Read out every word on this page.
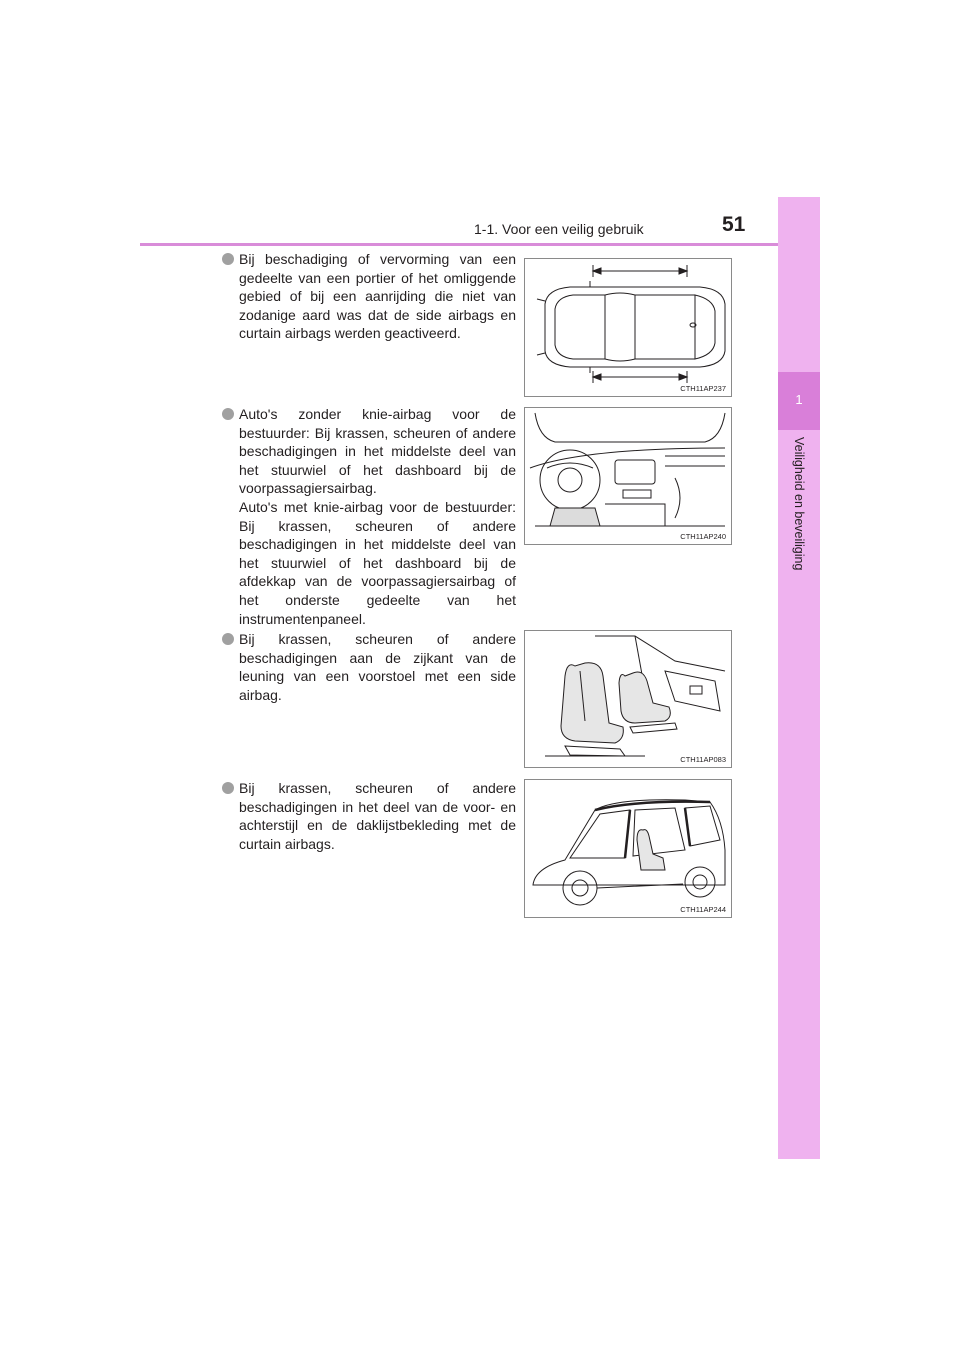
1-1. Voor een veilig gebruik	51
1
Veiligheid en beveiliging
Bij beschadiging of vervorming van een gedeelte van een portier of het omliggende gebied of bij een aanrijding die niet van zodanige aard was dat de side airbags en curtain airbags werden geactiveerd.
CTH11AP237
Auto's zonder knie-airbag voor de bestuurder: Bij krassen, scheuren of andere beschadigingen in het middelste deel van het stuurwiel of het dashboard bij de voorpassagiersairbag.
Auto's met knie-airbag voor de bestuurder: Bij krassen, scheuren of andere beschadigingen in het middelste deel van het stuurwiel of het dashboard bij de afdekkap van de voorpassagiersairbag of het onderste gedeelte van het instrumentenpaneel.
CTH11AP240
Bij krassen, scheuren of andere beschadigingen aan de zijkant van de leuning van een voorstoel met een side airbag.
CTH11AP083
Bij krassen, scheuren of andere beschadigingen in het deel van de voor- en achterstijl en de daklijstbekleding met de curtain airbags.
CTH11AP244
